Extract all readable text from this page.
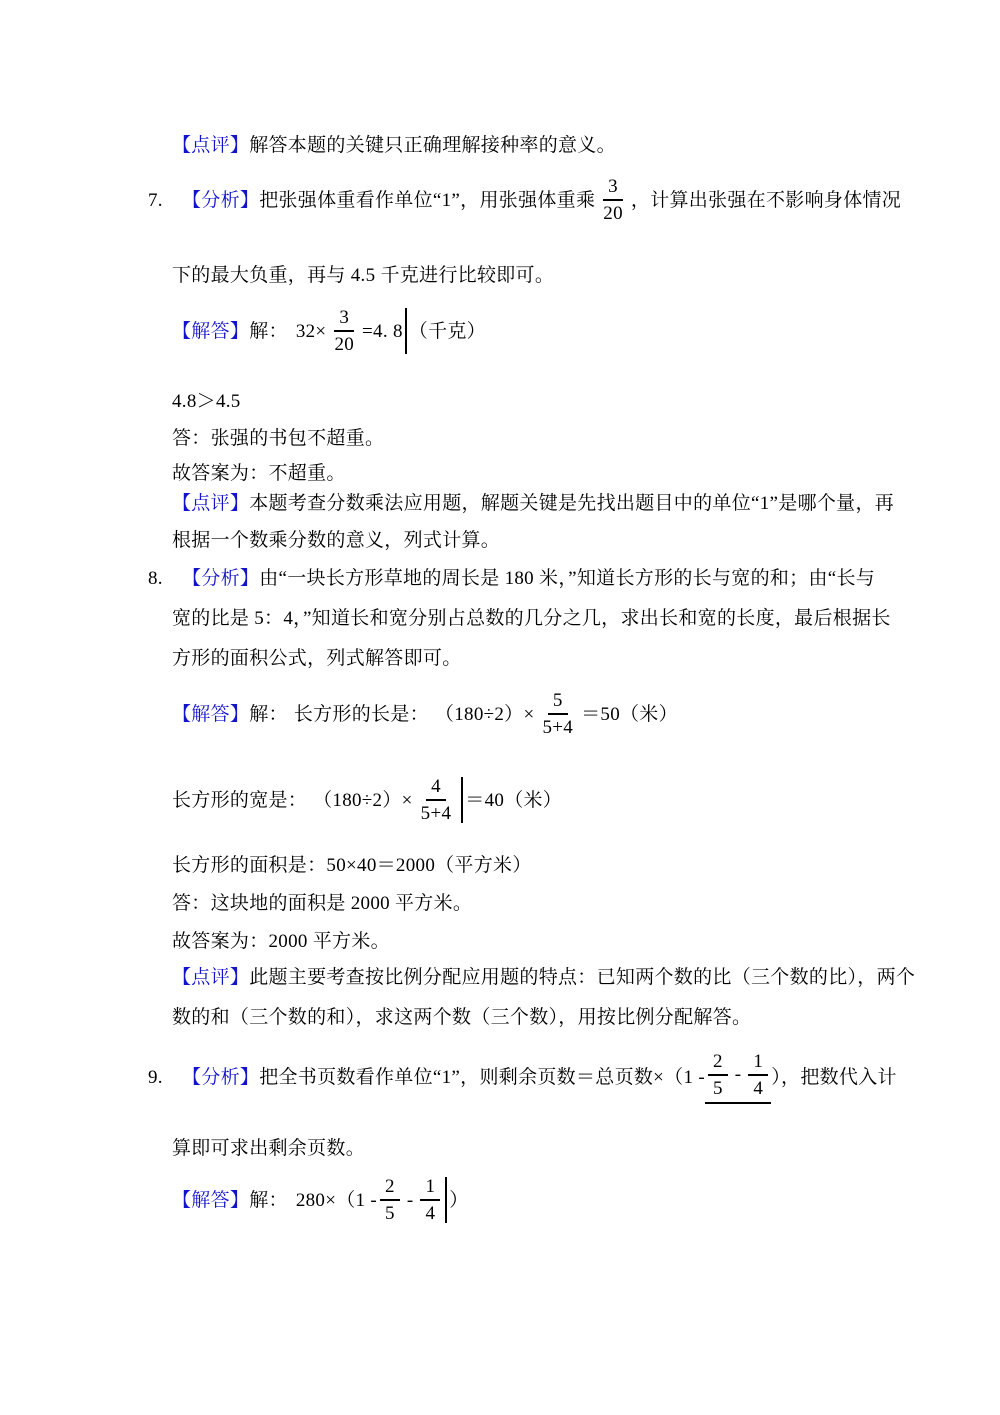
【点评】解答本题的关键只正确理解接种率的意义。
7.	【分析】 把张强体重看作单位“1”，用张强体重乘 $\frac{3}{20}$ ，计算出张强在不影响身体情况
下的最大负重，再与 4.5 千克进行比较即可。
【解答】 解： $32\times \frac{3}{20} =4$. 8 （千克）
4.8＞4.5
答：张强的书包不超重。
故答案为：不超重。
【点评】本题考查分数乘法应用题，解题关键是先找出题目中的单位“1”是哪个量，再
根据一个数乘分数的意义，列式计算。
8. 【分析】由“一块长方形草地的周长是 180 米，”知道长方形的长与宽的和；由“长与
宽的比是 5：4，”知道长和宽分别占总数的几分之几，求出长和宽的长度，最后根据长
方形的面积公式，列式解答即可。
【解答】 解： 长方形的长是： $(180\div 2)\times \frac{5}{5+4} =50$ （米）
长方形的宽是： $(180\div 2)\times \frac{4}{5+4} =40$ （米）
长方形的面积是：50×40＝2000（平方米）
答：这块地的面积是 2000 平方米。
故答案为：2000 平方米。
【点评】此题主要考查按比例分配应用题的特点：已知两个数的比（三个数的比），两个
数的和（三个数的和），求这两个数（三个数），用按比例分配解答。
9.	【分析】 把全书页数看作单位“1”，则剩余页数＝总页数$\times(1 - \frac{2}{5} - \frac{1}{4}$ ），把数代入计
算即可求出剩余页数。
【解答】 解： $280\times(1 - \frac{2}{5} - \frac{1}{4}$ ）
